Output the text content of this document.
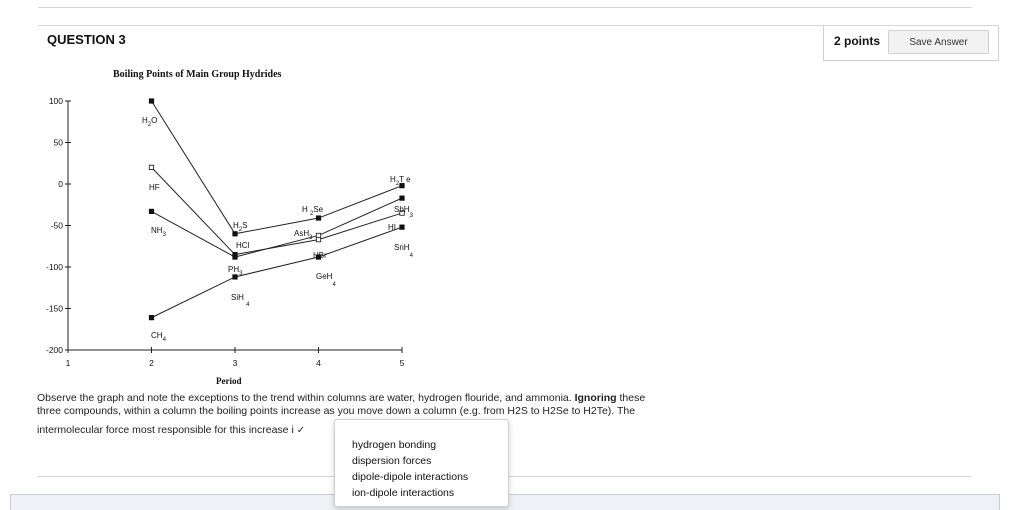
QUESTION 3	2 points	Save Answer
Boiling Points of Main Group Hydrides
100
50
0
-50
-100
-150
-200
1	2	3	4	5
$H_2O$
$H_2S$
H $_2$Se
$H_2T$ e
HF
HCl
HBr
HI
$NH_3$
$PH_3$
AsH$_3$
SbH$_3$
$CH_4$
SiH $_4$
GeH$_4$
SnH$_4$
Period
Observe the graph and note the exceptions to the trend within columns are water, hydrogen flouride, and ammonia. Ignoring these
three compounds, within a column the boiling points increase as you move down a column (e.g. from H2S to H2Se to H2Te). The
intermolecular force most responsible for this increase i ✓
hydrogen bonding
dispersion forces
dipole-dipole interactions
ion-dipole interactions
